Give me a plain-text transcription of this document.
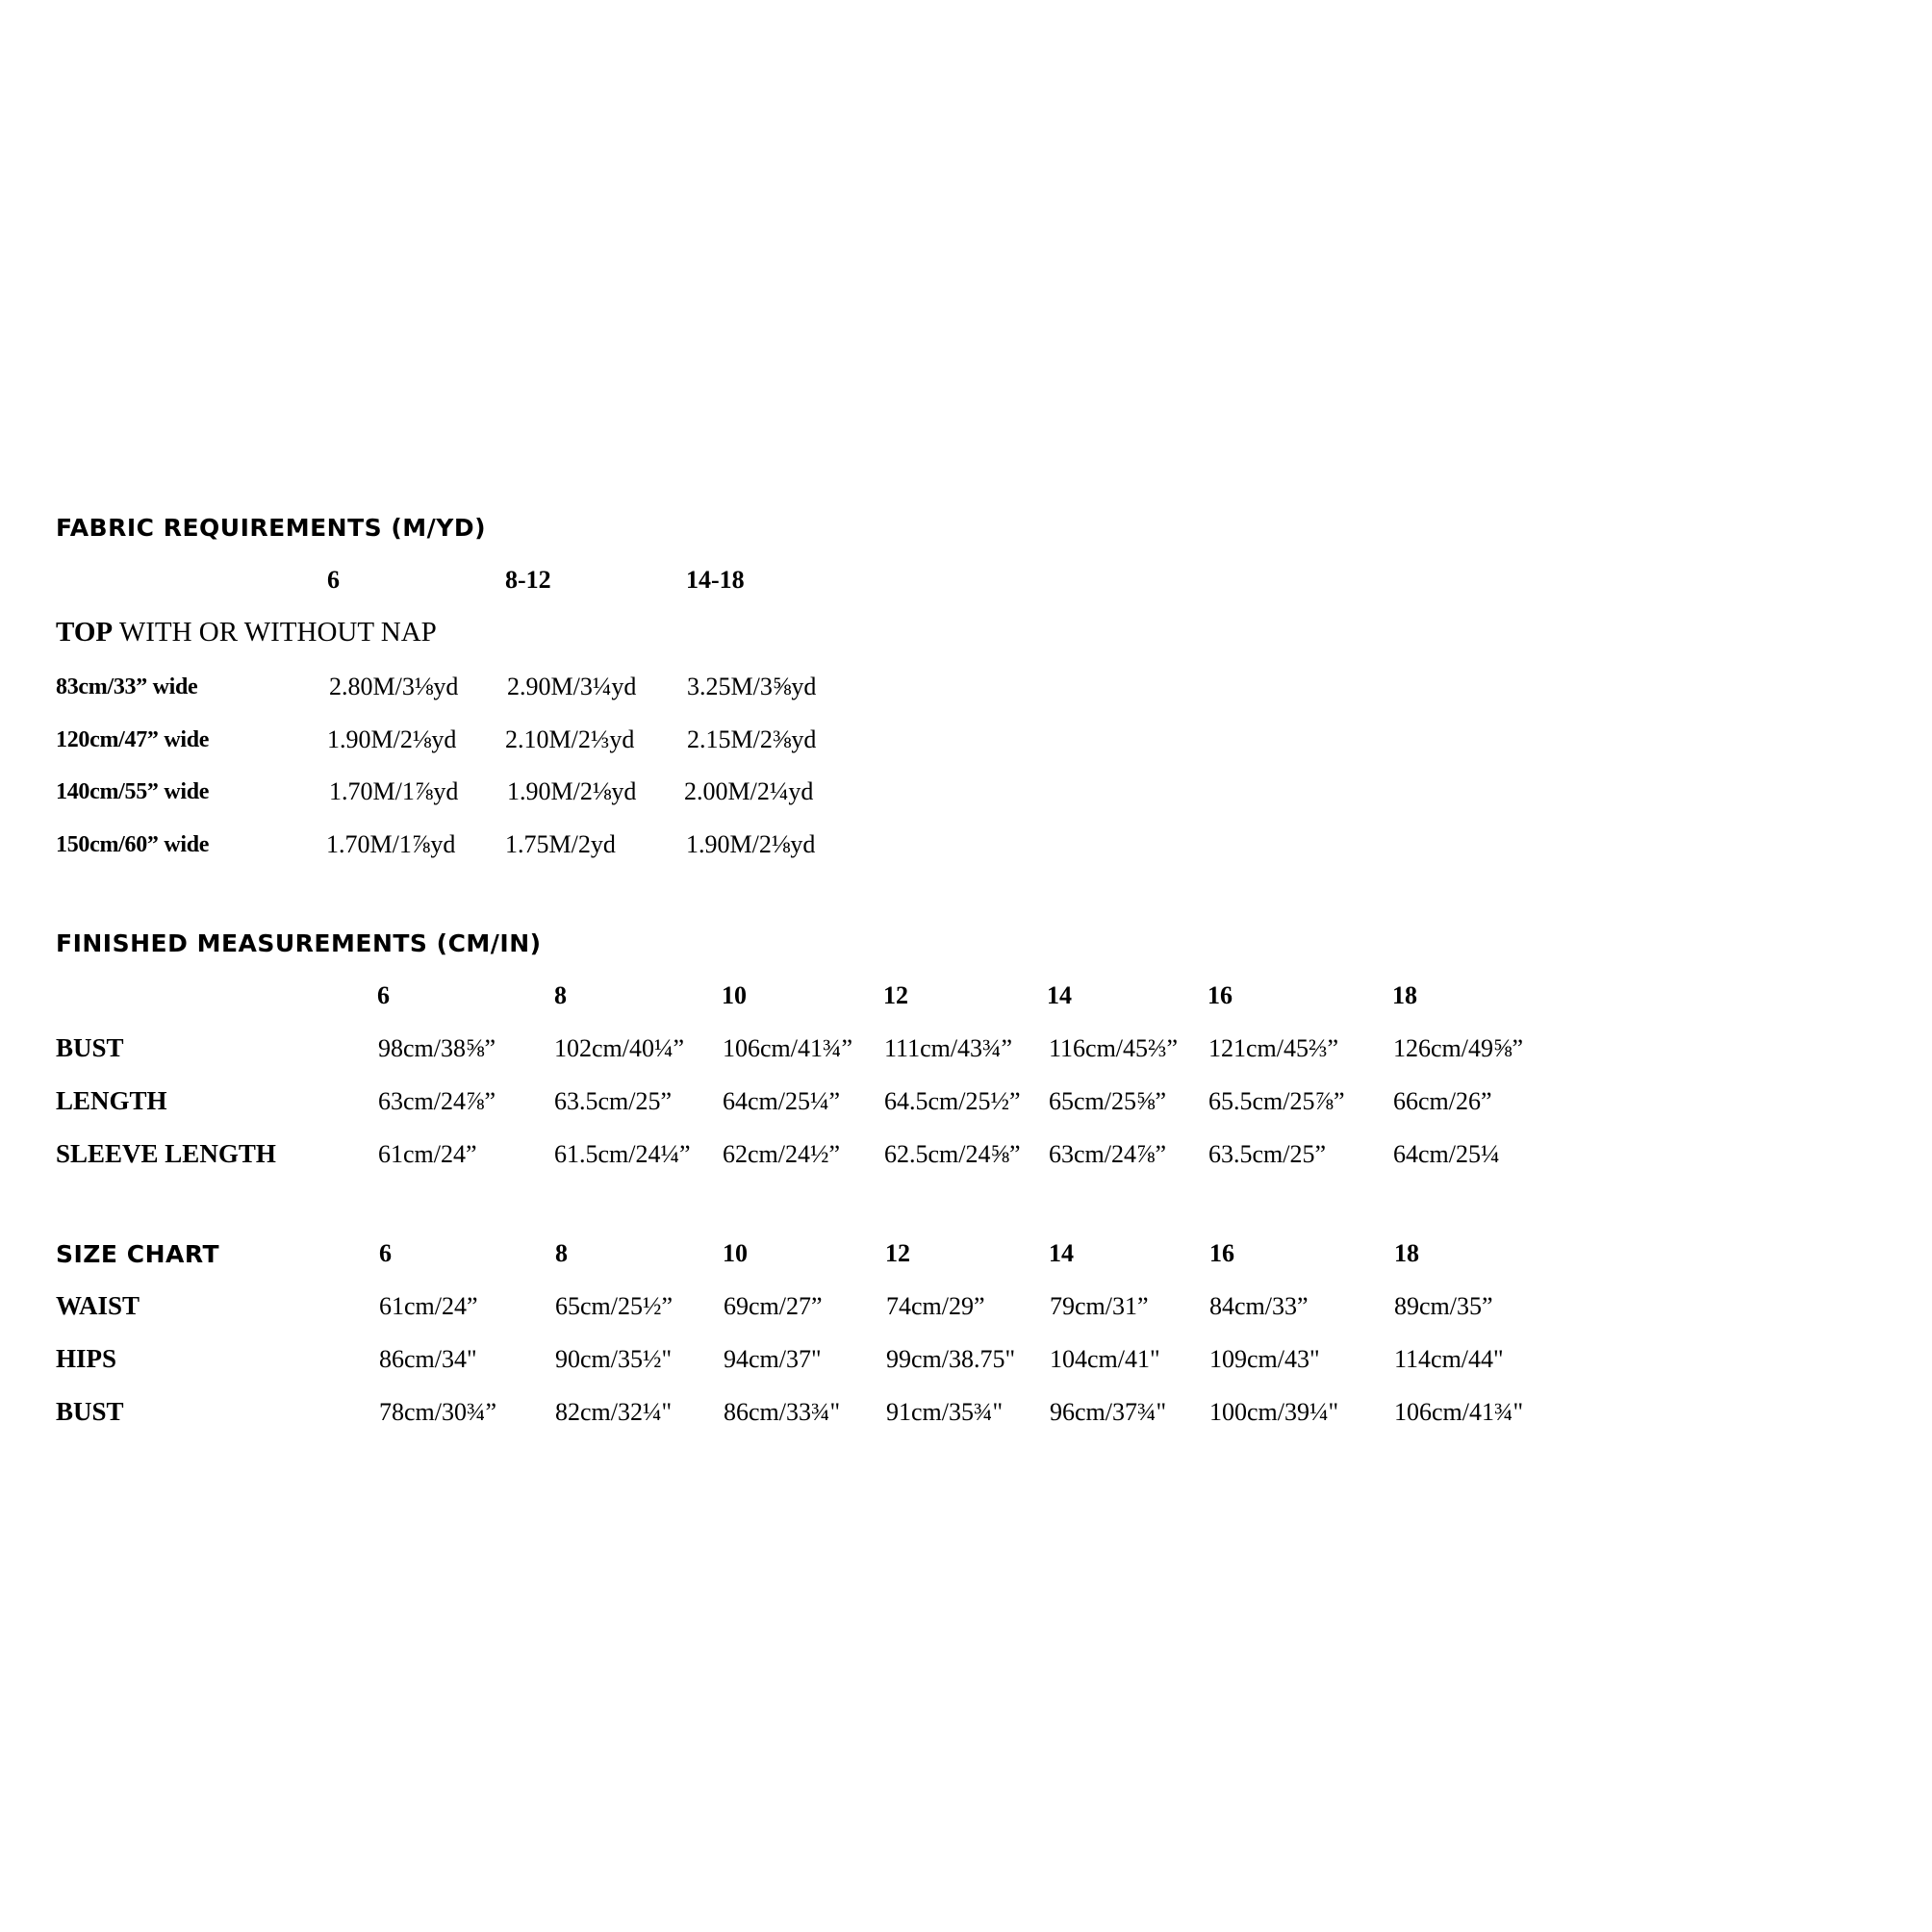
FABRIC REQUIREMENTS (M/YD)
6	8-12	14-18
TOP WITH OR WITHOUT NAP
83cm/33” wide	2.80M/3⅛yd 2.90M/3¼yd 3.25M/3⅝yd
120cm/47” wide	1.90M/2⅛yd 2.10M/2⅓yd 2.15M/2⅜yd
140cm/55” wide	1.70M/1⅞yd 1.90M/2⅛yd 2.00M/2¼yd
150cm/60” wide	1.70M/1⅞yd 1.75M/2yd	1.90M/2⅛yd
FINISHED MEASUREMENTS (CM/IN)
6	8	10	12	14	16	18
BUST	98cm/38⅝” 102cm/40¼” 106cm/41¾” 111cm/43¾” 116cm/45⅔” 121cm/45⅔” 126cm/49⅝”
LENGTH	63cm/24⅞” 63.5cm/25” 64cm/25¼” 64.5cm/25½” 65cm/25⅝” 65.5cm/25⅞” 66cm/26”
SLEEVE LENGTH	61cm/24”	61.5cm/24¼” 62cm/24½” 62.5cm/24⅝” 63cm/24⅞” 63.5cm/25”	64cm/25¼
SIZE CHART	6	8	10	12	14	16	18
WAIST	61cm/24”	65cm/25½” 69cm/27”	74cm/29”	79cm/31” 84cm/33”	89cm/35”
HIPS	86cm/34"	90cm/35½" 94cm/37"	99cm/38.75" 104cm/41" 109cm/43"	114cm/44"
BUST	78cm/30¾” 82cm/32¼" 86cm/33¾" 91cm/35¾" 96cm/37¾" 100cm/39¼" 106cm/41¾"
